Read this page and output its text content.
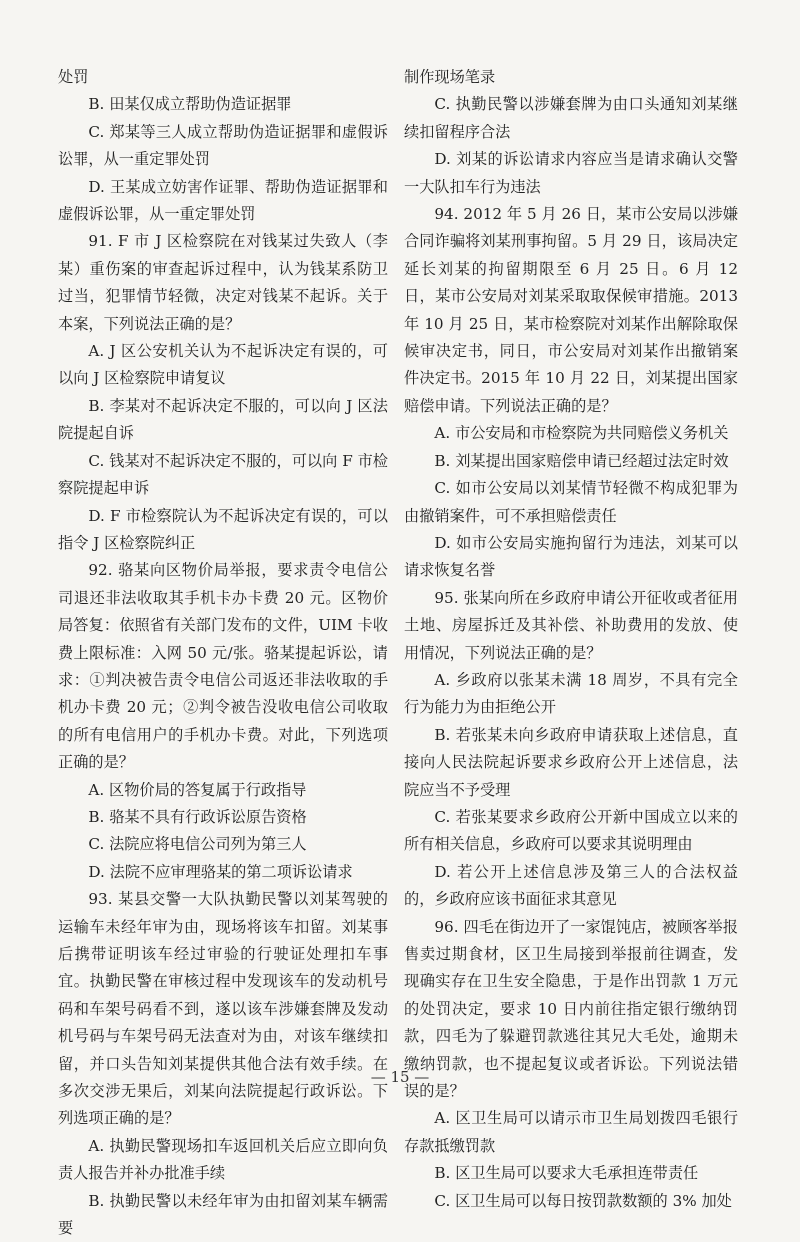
处罚

B. 田某仅成立帮助伪造证据罪

C. 郑某等三人成立帮助伪造证据罪和虚假诉讼罪，从一重定罪处罚

D. 王某成立妨害作证罪、帮助伪造证据罪和虚假诉讼罪，从一重定罪处罚

91. F 市 J 区检察院在对钱某过失致人（李某）重伤案的审查起诉过程中，认为钱某系防卫过当，犯罪情节轻微，决定对钱某不起诉。关于本案，下列说法正确的是？

A. J 区公安机关认为不起诉决定有误的，可以向 J 区检察院申请复议

B. 李某对不起诉决定不服的，可以向 J 区法院提起自诉

C. 钱某对不起诉决定不服的，可以向 F 市检察院提起申诉

D. F 市检察院认为不起诉决定有误的，可以指令 J 区检察院纠正

92. 骆某向区物价局举报，要求责令电信公司退还非法收取其手机卡办卡费 20 元。区物价局答复：依照省有关部门发布的文件，UIM 卡收费上限标准：入网 50 元/张。骆某提起诉讼，请求：①判决被告责令电信公司返还非法收取的手机办卡费 20 元；②判令被告没收电信公司收取的所有电信用户的手机办卡费。对此，下列选项正确的是？

A. 区物价局的答复属于行政指导

B. 骆某不具有行政诉讼原告资格

C. 法院应将电信公司列为第三人

D. 法院不应审理骆某的第二项诉讼请求

93. 某县交警一大队执勤民警以刘某驾驶的运输车未经年审为由，现场将该车扣留。刘某事后携带证明该车经过审验的行驶证处理扣车事宜。执勤民警在审核过程中发现该车的发动机号码和车架号码看不到，遂以该车涉嫌套牌及发动机号码与车架号码无法查对为由，对该车继续扣留，并口头告知刘某提供其他合法有效手续。在多次交涉无果后，刘某向法院提起行政诉讼。下列选项正确的是？

A. 执勤民警现场扣车返回机关后应立即向负责人报告并补办批准手续

B. 执勤民警以未经年审为由扣留刘某车辆需要

制作现场笔录

C. 执勤民警以涉嫌套牌为由口头通知刘某继续扣留程序合法

D. 刘某的诉讼请求内容应当是请求确认交警一大队扣车行为违法

94. 2012 年 5 月 26 日，某市公安局以涉嫌合同诈骗将刘某刑事拘留。5 月 29 日，该局决定延长刘某的拘留期限至 6 月 25 日。6 月 12 日，某市公安局对刘某采取取保候审措施。2013 年 10 月 25 日，某市检察院对刘某作出解除取保候审决定书，同日，市公安局对刘某作出撤销案件决定书。2015 年 10 月 22 日，刘某提出国家赔偿申请。下列说法正确的是？

A. 市公安局和市检察院为共同赔偿义务机关

B. 刘某提出国家赔偿申请已经超过法定时效

C. 如市公安局以刘某情节轻微不构成犯罪为由撤销案件，可不承担赔偿责任

D. 如市公安局实施拘留行为违法，刘某可以请求恢复名誉

95. 张某向所在乡政府申请公开征收或者征用土地、房屋拆迁及其补偿、补助费用的发放、使用情况，下列说法正确的是？

A. 乡政府以张某未满 18 周岁，不具有完全行为能力为由拒绝公开

B. 若张某未向乡政府申请获取上述信息，直接向人民法院起诉要求乡政府公开上述信息，法院应当不予受理

C. 若张某要求乡政府公开新中国成立以来的所有相关信息，乡政府可以要求其说明理由

D. 若公开上述信息涉及第三人的合法权益的，乡政府应该书面征求其意见

96. 四毛在街边开了一家馄饨店，被顾客举报售卖过期食材，区卫生局接到举报前往调查，发现确实存在卫生安全隐患，于是作出罚款 1 万元的处罚决定，要求 10 日内前往指定银行缴纳罚款，四毛为了躲避罚款逃往其兄大毛处，逾期未缴纳罚款，也不提起复议或者诉讼。下列说法错误的是？

A. 区卫生局可以请示市卫生局划拨四毛银行存款抵缴罚款

B. 区卫生局可以要求大毛承担连带责任

C. 区卫生局可以每日按罚款数额的 3% 加处

— 15 —
